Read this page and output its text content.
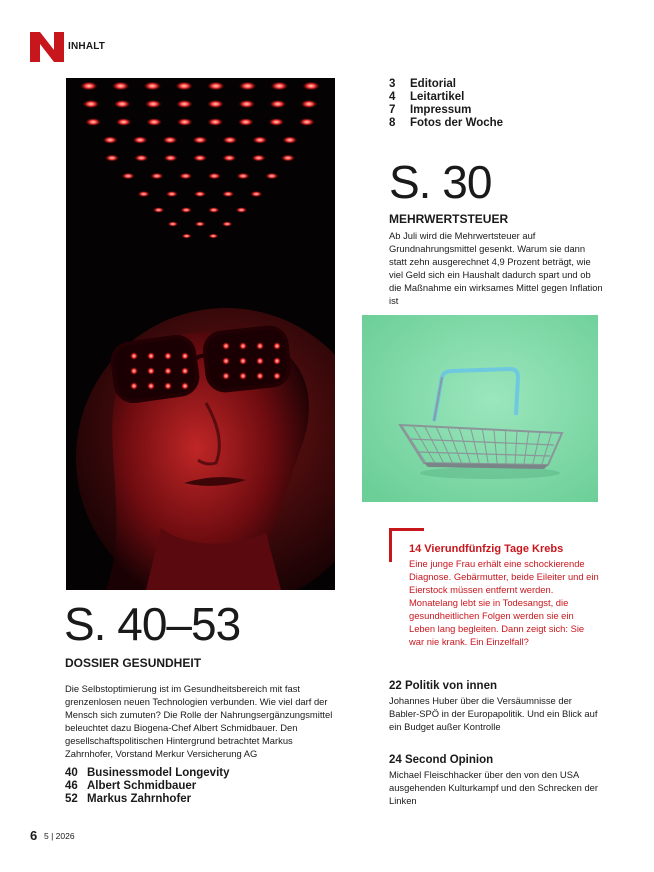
INHALT
3	Editorial
4	Leitartikel
7	Impressum
8	Fotos der Woche
S. 30
MEHRWERTSTEUER
Ab Juli wird die Mehrwertsteuer auf Grundnahrungsmittel gesenkt. Warum sie dann statt zehn ausgerechnet 4,9 Prozent beträgt, wie viel Geld sich ein Haushalt dadurch spart und ob die Maßnahme ein wirksames Mittel gegen Inflation ist
14 Vierundfünfzig Tage Krebs
Eine junge Frau erhält eine schockierende Diagnose. Gebärmutter, beide Eileiter und ein Eierstock müssen entfernt werden. Monatelang lebt sie in Todesangst, die gesundheitlichen Folgen werden sie ein Leben lang begleiten. Dann zeigt sich: Sie war nie krank. Ein Einzelfall?
S. 40–53
DOSSIER GESUNDHEIT
Die Selbstoptimierung ist im Gesundheitsbereich mit fast grenzenlosen neuen Technologien verbunden. Wie viel darf der Mensch sich zumuten? Die Rolle der Nahrungsergänzungsmittel beleuchtet dazu Biogena-Chef Albert Schmidbauer. Den gesellschaftspolitischen Hintergrund betrachtet Markus Zahrnhofer, Vorstand Merkur Versicherung AG
40 Businessmodel Longevity
46 Albert Schmidbauer
52 Markus Zahrnhofer
22 Politik von innen
Johannes Huber über die Versäumnisse der Babler-SPÖ in der Europapolitik. Und ein Blick auf ein Budget außer Kontrolle
24 Second Opinion
Michael Fleischhacker über den von den USA ausgehenden Kulturkampf und den Schrecken der Linken
6 5 | 2026
